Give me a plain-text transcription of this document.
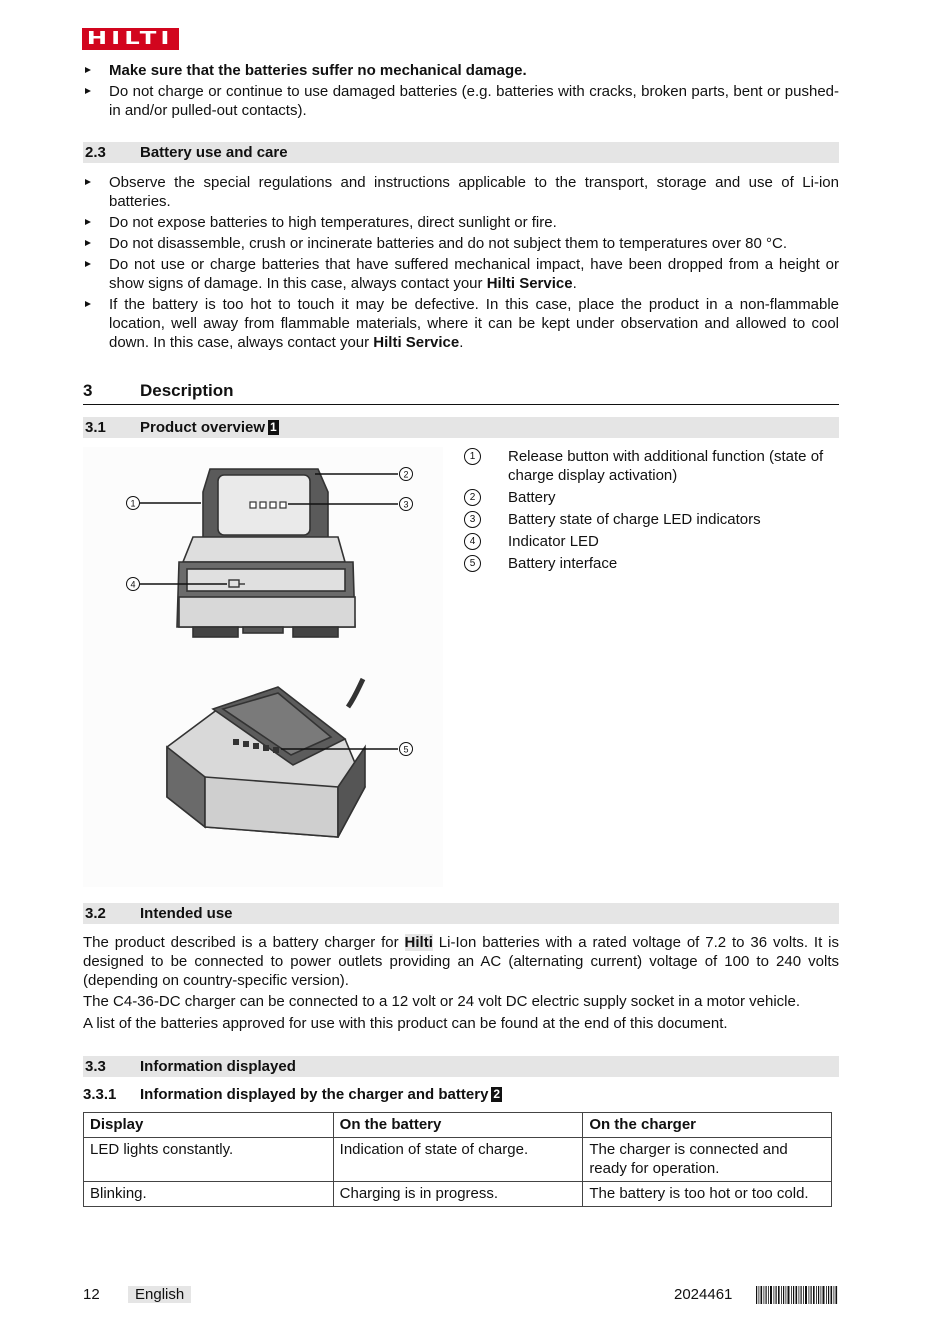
HILTI
Make sure that the batteries suffer no mechanical damage.
Do not charge or continue to use damaged batteries (e.g. batteries with cracks, broken parts, bent or pushed-in and/or pulled-out contacts).
2.3 Battery use and care
Observe the special regulations and instructions applicable to the transport, storage and use of Li-ion batteries.
Do not expose batteries to high temperatures, direct sunlight or fire.
Do not disassemble, crush or incinerate batteries and do not subject them to temperatures over 80 °C.
Do not use or charge batteries that have suffered mechanical impact, have been dropped from a height or show signs of damage. In this case, always contact your Hilti Service.
If the battery is too hot to touch it may be defective. In this case, place the product in a non-flammable location, well away from flammable materials, where it can be kept under observation and allowed to cool down. In this case, always contact your Hilti Service.
3	Description
3.1 Product overview 1
1
2
3
4
5
1	Release button with additional function (state of charge display activation)
2	Battery
3	Battery state of charge LED indicators
4	Indicator LED
5	Battery interface
3.2 Intended use
The product described is a battery charger for Hilti Li-Ion batteries with a rated voltage of 7.2 to 36 volts. It is designed to be connected to power outlets providing an AC (alternating current) voltage of 100 to 240 volts (depending on country-specific version).
The C4-36-DC charger can be connected to a 12 volt or 24 volt DC electric supply socket in a motor vehicle.
A list of the batteries approved for use with this product can be found at the end of this document.
3.3 Information displayed
3.3.1 Information displayed by the charger and battery 2
Display	On the battery	On the charger
LED lights constantly.	Indication of state of charge.	The charger is connected and ready for operation.
Blinking.	Charging is in progress.	The battery is too hot or too cold.
12	English	2024461
